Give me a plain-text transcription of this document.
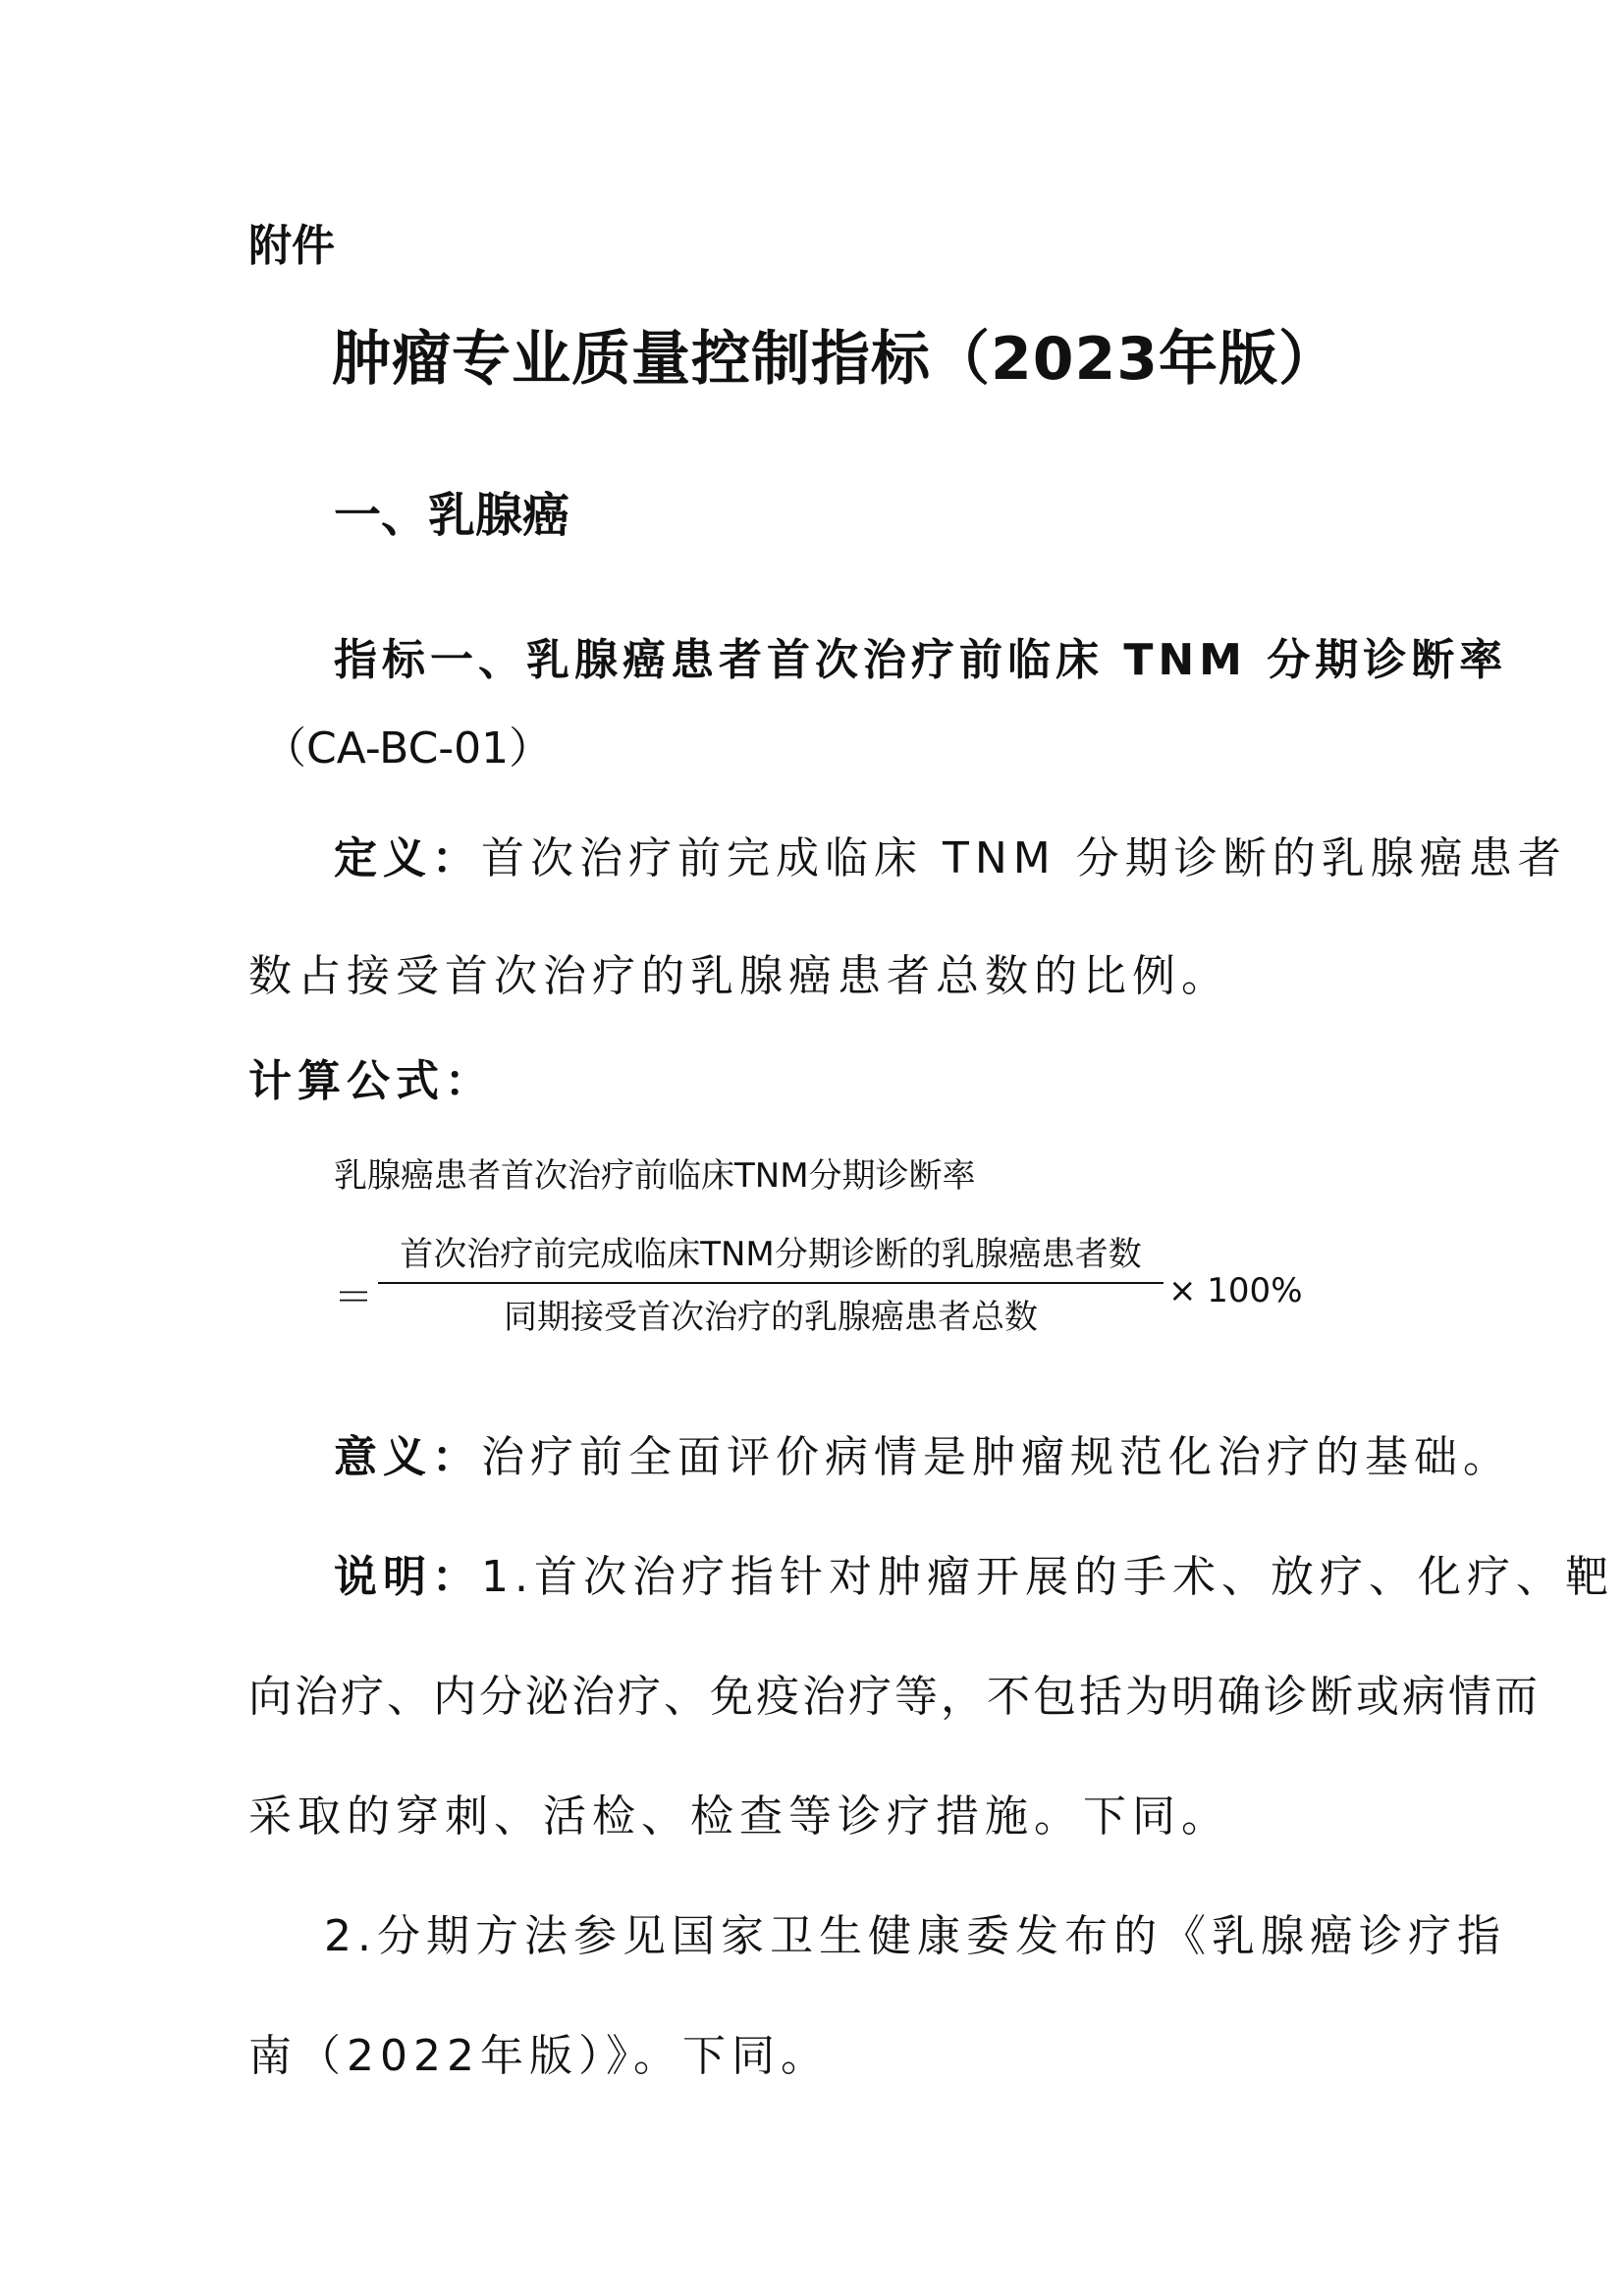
附件
肿瘤专业质量控制指标（2023年版）
一、乳腺癌
指标一、乳腺癌患者首次治疗前临床 TNM 分期诊断率
（CA-BC-01）
定义：首次治疗前完成临床 TNM 分期诊断的乳腺癌患者
数占接受首次治疗的乳腺癌患者总数的比例。
计算公式：
乳腺癌患者首次治疗前临床TNM分期诊断率
＝
首次治疗前完成临床TNM分期诊断的乳腺癌患者数
同期接受首次治疗的乳腺癌患者总数
× 100%
意义：治疗前全面评价病情是肿瘤规范化治疗的基础。
说明：1.首次治疗指针对肿瘤开展的手术、放疗、化疗、靶
向治疗、内分泌治疗、免疫治疗等，不包括为明确诊断或病情而
采取的穿刺、活检、检查等诊疗措施。下同。
2.分期方法参见国家卫生健康委发布的《乳腺癌诊疗指
南（2022年版）》。下同。
